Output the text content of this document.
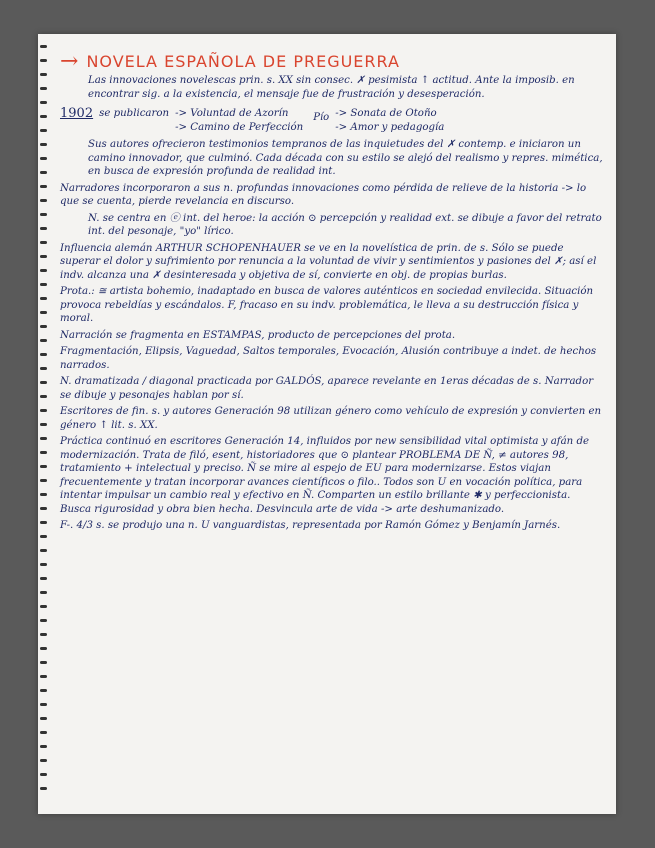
→ NOVELA ESPAÑOLA DE PREGUERRA
Las innovaciones novelescas prin. s. XX sin consec. ✗ pesimista ↑ actitud. Ante la imposib. en encontrar sig. a la existencia, el mensaje fue de frustración y desesperación.
1902 se publicaron -> Voluntad de Azorín
-> Camino de Perfección
Pío -> Sonata de Otoño
-> Amor y pedagogía
Sus autores ofrecieron testimonios tempranos de las inquietudes del ✗ contemp. e iniciaron un camino innovador, que culminó. Cada década con su estilo se alejó del realismo y repres. mimética, en busca de expresión profunda de realidad int.
Narradores incorporaron a sus n. profundas innovaciones como pérdida de relieve de la historia -> lo que se cuenta, pierde revelancia en discurso.
N. se centra en ⓔ int. del heroe: la acción ⊙ percepción y realidad ext. se dibuje a favor del retrato int. del pesonaje, "yo" lírico.
Influencia alemán ARTHUR SCHOPENHAUER se ve en la novelística de prin. de s. Sólo se puede superar el dolor y sufrimiento por renuncia a la voluntad de vivir y sentimientos y pasiones del ✗; así el indv. alcanza una ✗ desinteresada y objetiva de sí, convierte en obj. de propias burlas.
Prota.: ≅ artista bohemio, inadaptado en busca de valores auténticos en sociedad envilecida. Situación provoca rebeldías y escándalos. F, fracaso en su indv. problemática, le lleva a su destrucción física y moral.
Narración se fragmenta en ESTAMPAS, producto de percepciones del prota.
Fragmentación, Elipsis, Vaguedad, Saltos temporales, Evocación, Alusión contribuye a indet. de hechos narrados.
N. dramatizada / diagonal practicada por GALDÓS, aparece revelante en 1eras décadas de s. Narrador se dibuje y pesonajes hablan por sí.
Escritores de fin. s. y autores Generación 98 utilizan género como vehículo de expresión y convierten en género ↑ lit. s. XX.
Práctica continuó en escritores Generación 14, influidos por new sensibilidad vital optimista y afán de modernización. Trata de filó, esent, historiadores que ⊙ plantear PROBLEMA DE Ñ, ≠ autores 98, tratamiento + intelectual y preciso. Ñ se mire al espejo de EU para modernizarse. Estos viajan frecuentemente y tratan incorporar avances científicos o filo.. Todos son U en vocación política, para intentar impulsar un cambio real y efectivo en Ñ. Comparten un estilo brillante ✱ y perfeccionista. Busca rigurosidad y obra bien hecha. Desvincula arte de vida -> arte deshumanizado.
F-. 4/3 s. se produjo una n. U vanguardistas, representada por Ramón Gómez y Benjamín Jarnés.
